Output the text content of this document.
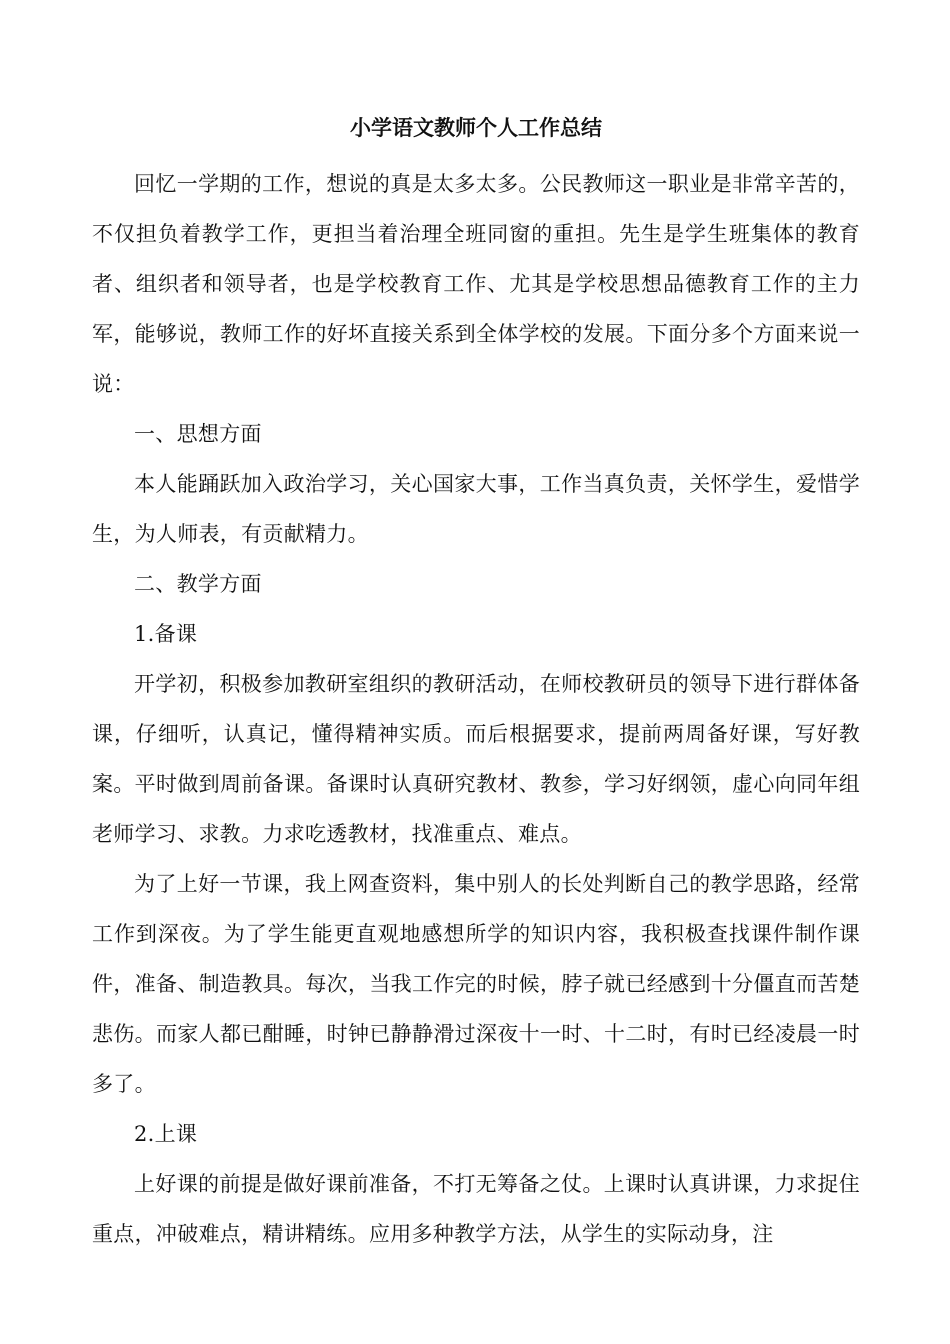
小学语文教师个人工作总结

回忆一学期的工作，想说的真是太多太多。公民教师这一职业是非常辛苦的，不仅担负着教学工作，更担当着治理全班同窗的重担。先生是学生班集体的教育者、组织者和领导者，也是学校教育工作、尤其是学校思想品德教育工作的主力军，能够说，教师工作的好坏直接关系到全体学校的发展。下面分多个方面来说一说：

一、思想方面

本人能踊跃加入政治学习，关心国家大事，工作当真负责，关怀学生，爱惜学生，为人师表，有贡献精力。

二、教学方面

1.备课

开学初，积极参加教研室组织的教研活动，在师校教研员的领导下进行群体备课，仔细听，认真记，懂得精神实质。而后根据要求，提前两周备好课，写好教案。平时做到周前备课。备课时认真研究教材、教参，学习好纲领，虚心向同年组老师学习、求教。力求吃透教材，找准重点、难点。

为了上好一节课，我上网查资料，集中别人的长处判断自己的教学思路，经常工作到深夜。为了学生能更直观地感想所学的知识内容，我积极查找课件制作课件，准备、制造教具。每次，当我工作完的时候，脖子就已经感到十分僵直而苦楚悲伤。而家人都已酣睡，时钟已静静滑过深夜十一时、十二时，有时已经凌晨一时多了。

2.上课

上好课的前提是做好课前准备，不打无筹备之仗。上课时认真讲课，力求捉住重点，冲破难点，精讲精练。应用多种教学方法，从学生的实际动身，注
